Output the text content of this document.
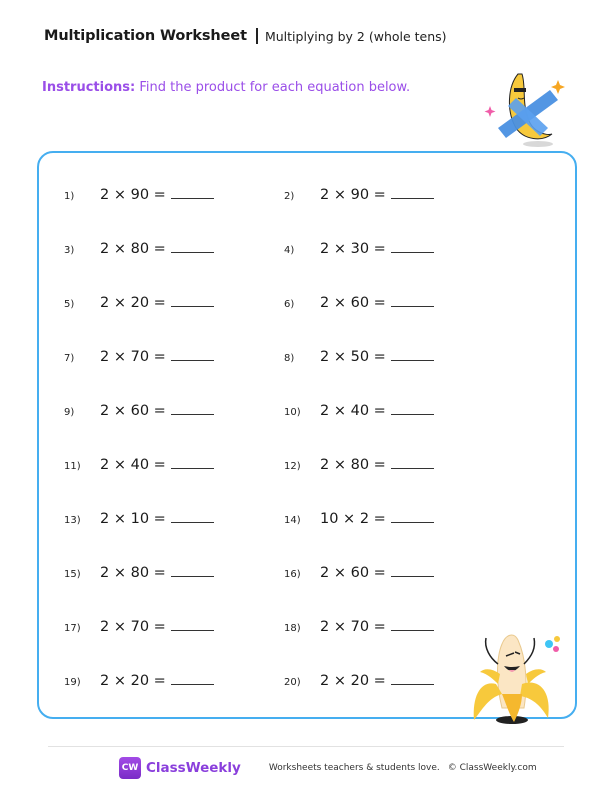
Multiplication Worksheet Multiplying by 2 (whole tens)
Instructions: Find the product for each equation below.
1)	2 × 90 =	2)	2 × 90 =
3)	2 × 80 =	4)	2 × 30 =
5)	2 × 20 =	6)	2 × 60 =
7)	2 × 70 =	8)	2 × 50 =
9)	2 × 60 =	10)	2 × 40 =
11)	2 × 40 =	12)	2 × 80 =
13)	2 × 10 =	14)	10 × 2 =
15)	2 × 80 =	16)	2 × 60 =
17)	2 × 70 =	18)	2 × 70 =
19)	2 × 20 =	20)	2 × 20 =
CW ClassWeekly	Worksheets teachers & students love. © ClassWeekly.com
